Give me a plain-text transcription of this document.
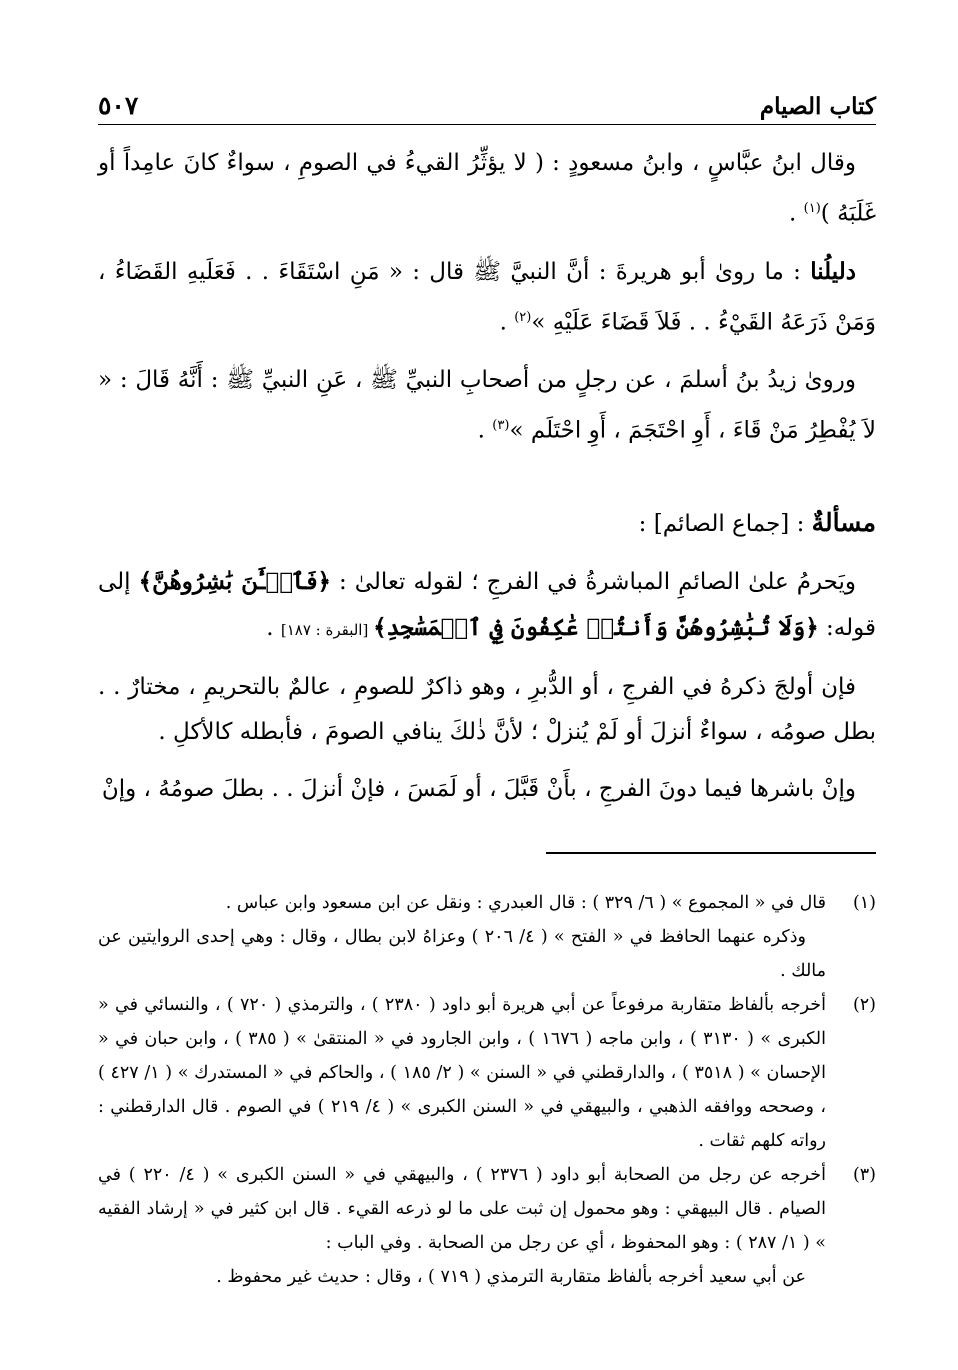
كتاب الصيام
٥٠٧

وقال ابنُ عبَّاسٍ ، وابنُ مسعودٍ : ( لا يؤثِّرُ القيءُ في الصومِ ، سواءٌ كانَ عامِداً أو غَلَبَهُ )$^{(١)}$ .

دليلُنا : ما روىٰ أبو هريرةَ : أنَّ النبيَّ ﷺ قال : « مَنِ اسْتَقَاءَ . . فَعَلَيهِ القَضَاءُ ، وَمَنْ ذَرَعَهُ القَيْءُ . . فَلاَ قَضَاءَ عَلَيْهِ »$^{(٢)}$ .

وروىٰ زيدُ بنُ أسلمَ ، عن رجلٍ من أصحابِ النبيِّ ﷺ ، عَنِ النبيِّ ﷺ : أَنَّهُ قَالَ : « لاَ يُفْطِرُ مَنْ قَاءَ ، أَوِ احْتَجَمَ ، أَوِ احْتَلَم »$^{(٣)}$ .

مسألةٌ : [جماع الصائم] :

ويَحرمُ علىٰ الصائمِ المباشرةُ في الفرجِ ؛ لقوله تعالىٰ : ﴿فَٱلۡـَٰٔنَ بَٰشِرُوهُنَّ﴾ إلى قوله: ﴿وَلَا تُبَٰشِرُوهُنَّ وَأَنتُمۡ عَٰكِفُونَ فِي ٱلۡمَسَٰجِدِ﴾ [البقرة : ١٨٧] .

فإن أولجَ ذكرهُ في الفرجِ ، أو الدُّبرِ ، وهو ذاكرٌ للصومِ ، عالمٌ بالتحريمِ ، مختارٌ . . بطل صومُه ، سواءٌ أنزلَ أو لَمْ يُنزلْ ؛ لأنَّ ذٰلكَ ينافي الصومَ ، فأبطله كالأكلِ .

وإنْ باشرها فيما دونَ الفرجِ ، بأَنْ قَبَّلَ ، أو لَمَسَ ، فإنْ أنزلَ . . بطلَ صومُهُ ، وإنْ

(١)

قال في « المجموع » ( ٦/ ٣٢٩ ) : قال العبدري : ونقل عن ابن مسعود وابن عباس .

وذكره عنهما الحافظ في « الفتح » ( ٤/ ٢٠٦ ) وعزاهُ لابن بطال ، وقال : وهي إحدى الروايتين عن مالك .

(٢)

أخرجه بألفاظ متقاربة مرفوعاً عن أبي هريرة أبو داود ( ٢٣٨٠ ) ، والترمذي ( ٧٢٠ ) ، والنسائي في « الكبرى » ( ٣١٣٠ ) ، وابن ماجه ( ١٦٧٦ ) ، وابن الجارود في « المنتقىٰ » ( ٣٨٥ ) ، وابن حبان في « الإحسان » ( ٣٥١٨ ) ، والدارقطني في « السنن » ( ٢/ ١٨٥ ) ، والحاكم في « المستدرك » ( ١/ ٤٢٧ ) ، وصححه ووافقه الذهبي ، والبيهقي في « السنن الكبرى » ( ٤/ ٢١٩ ) في الصوم . قال الدارقطني : رواته كلهم ثقات .

(٣)

أخرجه عن رجل من الصحابة أبو داود ( ٢٣٧٦ ) ، والبيهقي في « السنن الكبرى » ( ٤/ ٢٢٠ ) في الصيام . قال البيهقي : وهو محمول إن ثبت على ما لو ذرعه القيء . قال ابن كثير في « إرشاد الفقيه » ( ١/ ٢٨٧ ) : وهو المحفوظ ، أي عن رجل من الصحابة . وفي الباب :

عن أبي سعيد أخرجه بألفاظ متقاربة الترمذي ( ٧١٩ ) ، وقال : حديث غير محفوظ .
